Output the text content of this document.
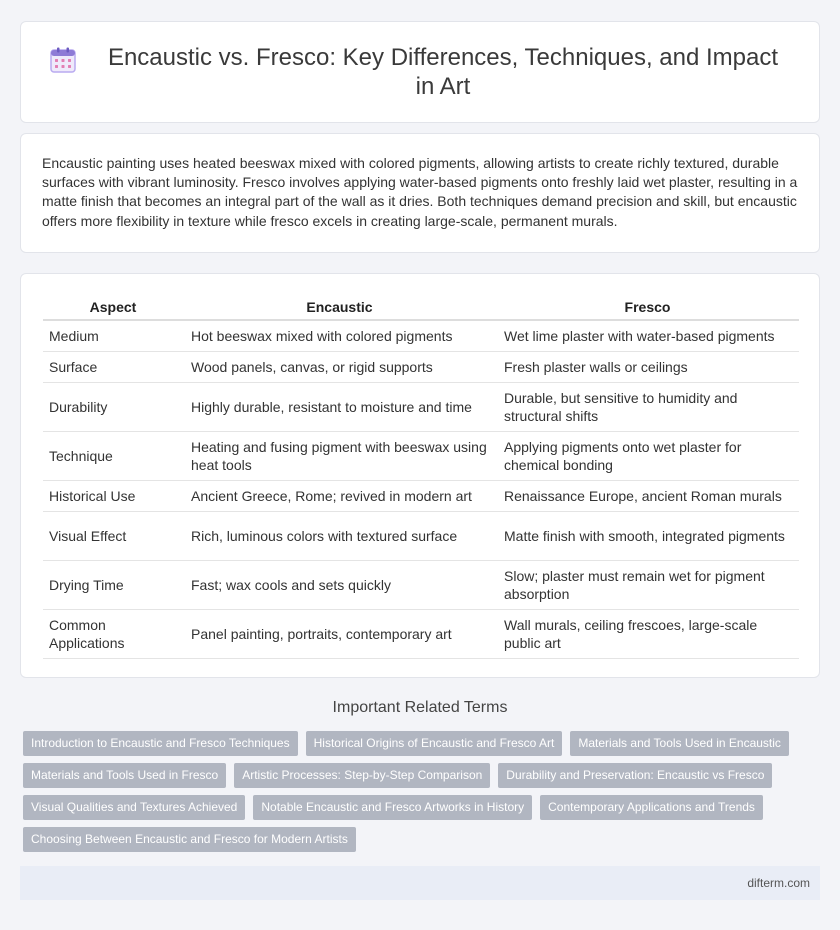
Encaustic vs. Fresco: Key Differences, Techniques, and Impact in Art

Encaustic painting uses heated beeswax mixed with colored pigments, allowing artists to create richly textured, durable surfaces with vibrant luminosity. Fresco involves applying water-based pigments onto freshly laid wet plaster, resulting in a matte finish that becomes an integral part of the wall as it dries. Both techniques demand precision and skill, but encaustic offers more flexibility in texture while fresco excels in creating large-scale, permanent murals.

Aspect	Encaustic	Fresco
Medium	Hot beeswax mixed with colored pigments	Wet lime plaster with water-based pigments
Surface	Wood panels, canvas, or rigid supports	Fresh plaster walls or ceilings
Durability	Highly durable, resistant to moisture and time	Durable, but sensitive to humidity and structural shifts
Technique	Heating and fusing pigment with beeswax using heat tools	Applying pigments onto wet plaster for chemical bonding
Historical Use	Ancient Greece, Rome; revived in modern art	Renaissance Europe, ancient Roman murals
Visual Effect	Rich, luminous colors with textured surface	Matte finish with smooth, integrated pigments
Drying Time	Fast; wax cools and sets quickly	Slow; plaster must remain wet for pigment absorption
Common Applications	Panel painting, portraits, contemporary art	Wall murals, ceiling frescoes, large-scale public art
Important Related Terms
Introduction to Encaustic and Fresco Techniques	Historical Origins of Encaustic and Fresco Art	Materials and Tools Used in Encaustic
Materials and Tools Used in Fresco	Artistic Processes: Step-by-Step Comparison	Durability and Preservation: Encaustic vs Fresco
Visual Qualities and Textures Achieved	Notable Encaustic and Fresco Artworks in History	Contemporary Applications and Trends
Choosing Between Encaustic and Fresco for Modern Artists
difterm.com
